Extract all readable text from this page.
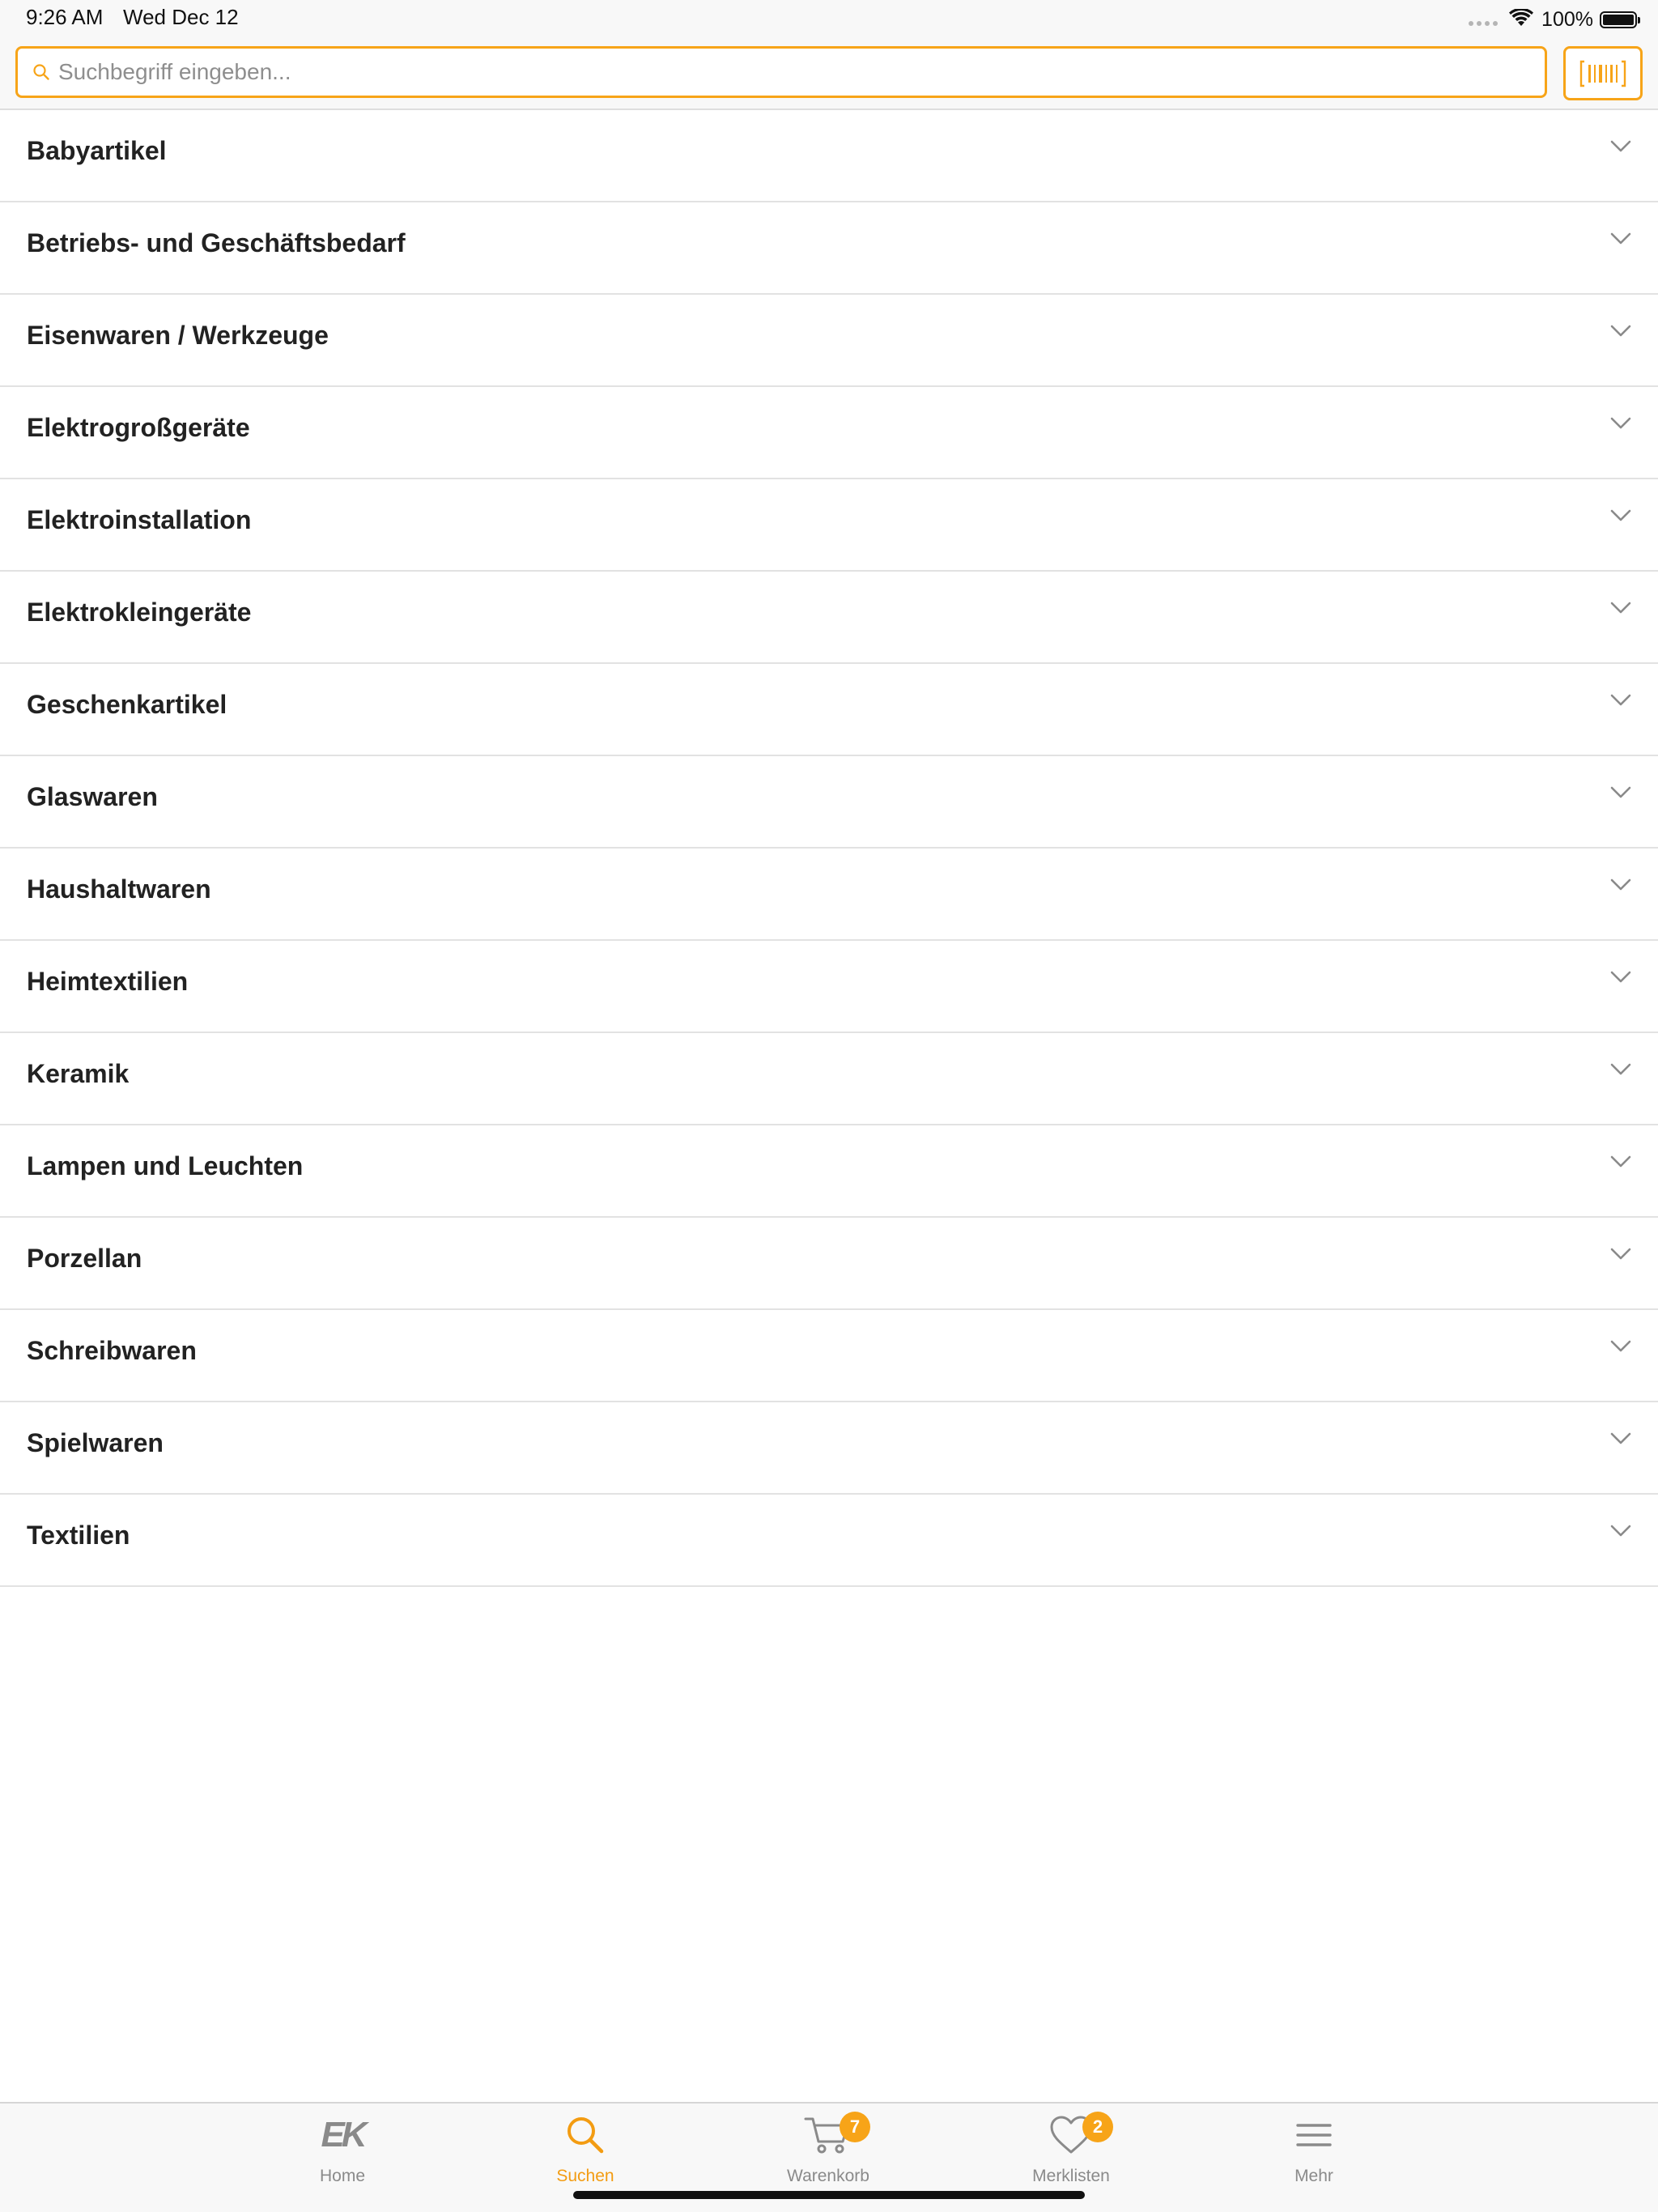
9:26 AM Wed Dec 12	100%
Suchbegriff eingeben...
Babyartikel
Betriebs- und Geschäftsbedarf
Eisenwaren / Werkzeuge
Elektrogroßgeräte
Elektroinstallation
Elektrokleingeräte
Geschenkartikel
Glaswaren
Haushaltwaren
Heimtextilien
Keramik
Lampen und Leuchten
Porzellan
Schreibwaren
Spielwaren
Textilien
EK
Home	Suchen
7
Warenkorb
2
Merklisten	Mehr
